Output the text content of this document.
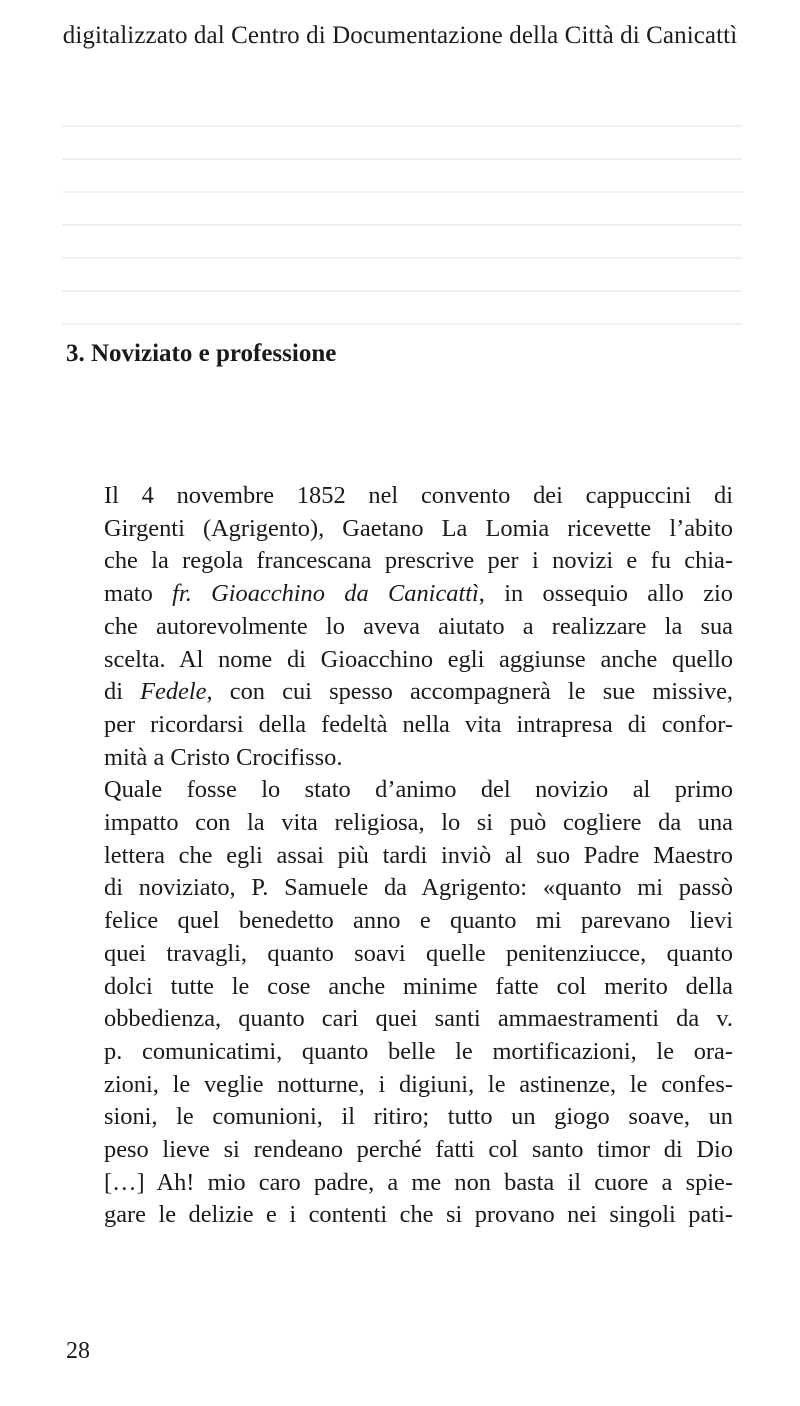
digitalizzato dal Centro di Documentazione della Città di Canicattì
3. Noviziato e professione

Il 4 novembre 1852 nel convento dei cappuccini di
Girgenti (Agrigento), Gaetano La Lomia ricevette l’abito
che la regola francescana prescrive per i novizi e fu chia-
mato fr. Gioacchino da Canicattì, in ossequio allo zio
che autorevolmente lo aveva aiutato a realizzare la sua
scelta. Al nome di Gioacchino egli aggiunse anche quello
di Fedele, con cui spesso accompagnerà le sue missive,
per ricordarsi della fedeltà nella vita intrapresa di confor-
mità a Cristo Crocifisso.

Quale fosse lo stato d’animo del novizio al primo
impatto con la vita religiosa, lo si può cogliere da una
lettera che egli assai più tardi inviò al suo Padre Maestro
di noviziato, P. Samuele da Agrigento: «quanto mi passò
felice quel benedetto anno e quanto mi parevano lievi
quei travagli, quanto soavi quelle penitenziucce, quanto
dolci tutte le cose anche minime fatte col merito della
obbedienza, quanto cari quei santi ammaestramenti da v.
p. comunicatimi, quanto belle le mortificazioni, le ora-
zioni, le veglie notturne, i digiuni, le astinenze, le confes-
sioni, le comunioni, il ritiro; tutto un giogo soave, un
peso lieve si rendeano perché fatti col santo timor di Dio
[…] Ah! mio caro padre, a me non basta il cuore a spie-
gare le delizie e i contenti che si provano nei singoli pati-

28
